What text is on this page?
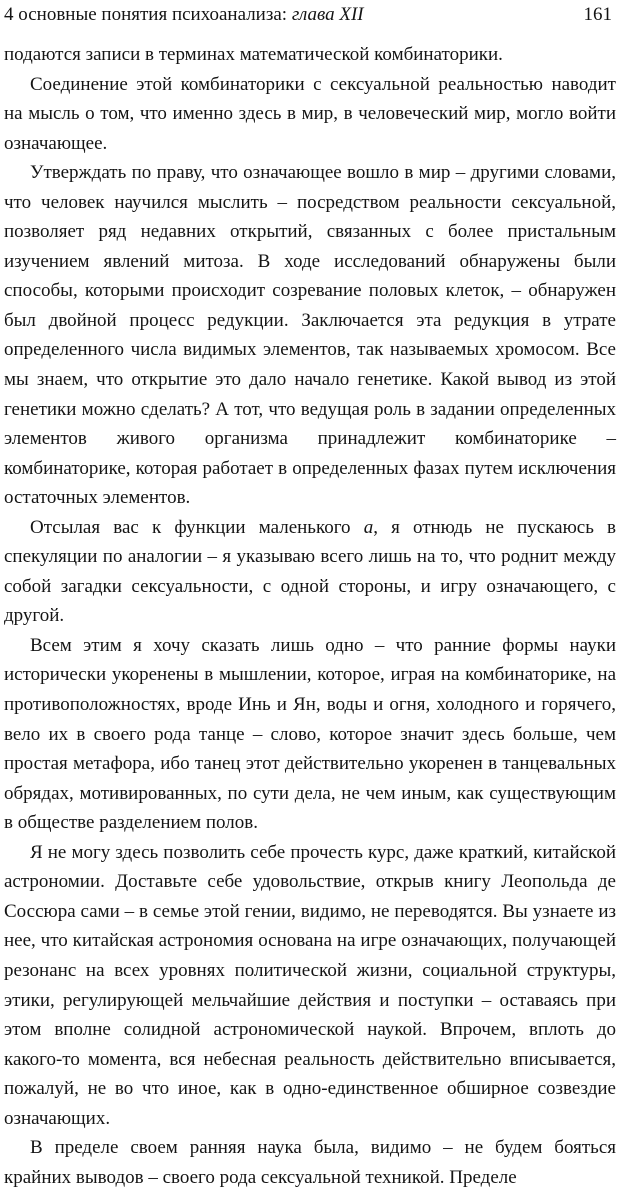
4 основные понятия психоанализа: глава XII	161

подаются записи в терминах математической комбинаторики.

Соединение этой комбинаторики с сексуальной реальностью наводит на мысль о том, что именно здесь в мир, в человеческий мир, могло войти означающее.

Утверждать по праву, что означающее вошло в мир – другими словами, что человек научился мыслить – посредством реальности сексуальной, позволяет ряд недавних открытий, связанных с более пристальным изучением явлений митоза. В ходе исследований обнаружены были способы, которыми происходит созревание половых клеток, – обнаружен был двойной процесс редукции. Заключается эта редукция в утрате определенного числа видимых элементов, так называемых хромосом. Все мы знаем, что открытие это дало начало генетике. Какой вывод из этой генетики можно сделать? А тот, что ведущая роль в задании определенных элементов живого организма принадлежит комбинаторике – комбинаторике, которая работает в определенных фазах путем исключения остаточных элементов.

Отсылая вас к функции маленького а, я отнюдь не пускаюсь в спекуляции по аналогии – я указываю всего лишь на то, что роднит между собой загадки сексуальности, с одной стороны, и игру означающего, с другой.

Всем этим я хочу сказать лишь одно – что ранние формы науки исторически укоренены в мышлении, которое, играя на комбинаторике, на противоположностях, вроде Инь и Ян, воды и огня, холодного и горячего, вело их в своего рода танце – слово, которое значит здесь больше, чем простая метафора, ибо танец этот действительно укоренен в танцевальных обрядах, мотивированных, по сути дела, не чем иным, как существующим в обществе разделением полов.

Я не могу здесь позволить себе прочесть курс, даже краткий, китайской астрономии. Доставьте себе удовольствие, открыв книгу Леопольда де Соссюра сами – в семье этой гении, видимо, не переводятся. Вы узнаете из нее, что китайская астрономия основана на игре означающих, получающей резонанс на всех уровнях политической жизни, социальной структуры, этики, регулирующей мельчайшие действия и поступки – оставаясь при этом вполне солидной астрономической наукой. Впрочем, вплоть до какого-то момента, вся небесная реальность действительно вписывается, пожалуй, не во что иное, как в одно-единственное обширное созвездие означающих.

В пределе своем ранняя наука была, видимо – не будем бояться крайних выводов – своего рода сексуальной техникой. Пределе
